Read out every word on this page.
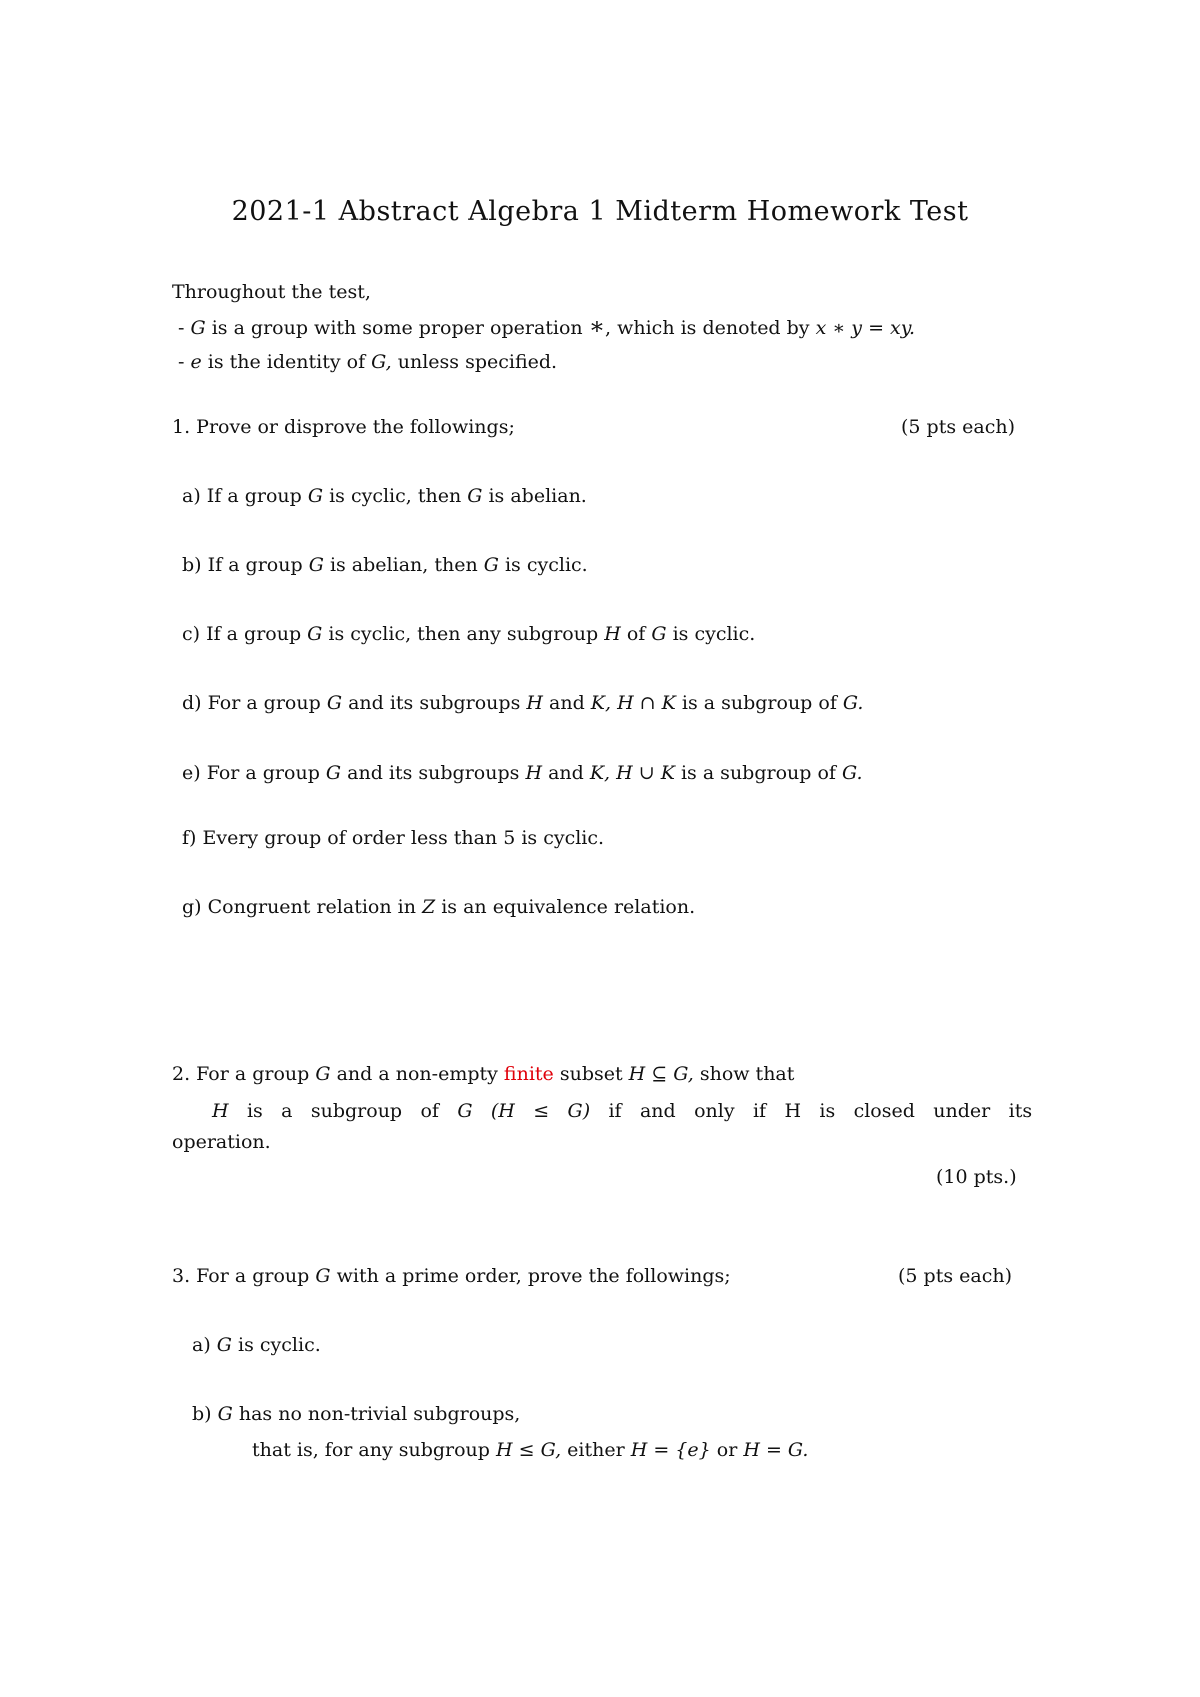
2021-1 Abstract Algebra 1 Midterm Homework Test
Throughout the test,
- G is a group with some proper operation ∗, which is denoted by x ∗ y = xy.
- e is the identity of G, unless specified.
1. Prove or disprove the followings;	(5 pts each)
a) If a group G is cyclic, then G is abelian.
b) If a group G is abelian, then G is cyclic.
c) If a group G is cyclic, then any subgroup H of G is cyclic.
d) For a group G and its subgroups H and K, H ∩ K is a subgroup of G.
e) For a group G and its subgroups H and K, H ∪ K is a subgroup of G.
f) Every group of order less than 5 is cyclic.
g) Congruent relation in Z is an equivalence relation.
2. For a group G and a non-empty finite subset H ⊆ G, show that
H is a subgroup of G (H ≤ G) if and only if H is closed under its
operation.
(10 pts.)
3. For a group G with a prime order, prove the followings;	(5 pts each)
a) G is cyclic.
b) G has no non-trivial subgroups,
that is, for any subgroup H ≤ G, either H = {e} or H = G.
